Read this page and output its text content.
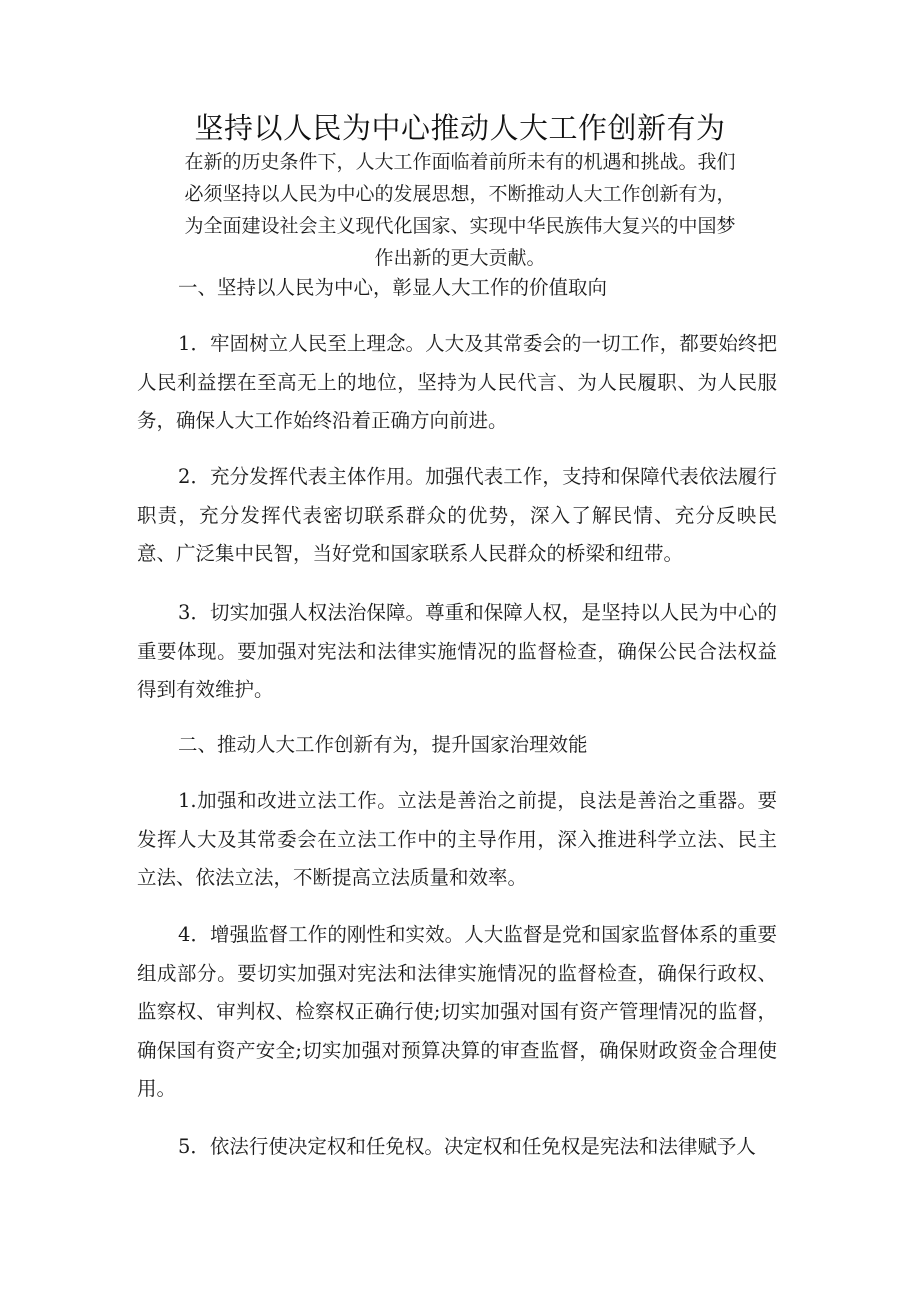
坚持以人民为中心推动人大工作创新有为
在新的历史条件下，人大工作面临着前所未有的机遇和挑战。我们
必须坚持以人民为中心的发展思想，不断推动人大工作创新有为，
为全面建设社会主义现代化国家、实现中华民族伟大复兴的中国梦
作出新的更大贡献。

一、坚持以人民为中心，彰显人大工作的价值取向

1．牢固树立人民至上理念。人大及其常委会的一切工作，都要始终把人民利益摆在至高无上的地位，坚持为人民代言、为人民履职、为人民服务，确保人大工作始终沿着正确方向前进。

2．充分发挥代表主体作用。加强代表工作，支持和保障代表依法履行职责，充分发挥代表密切联系群众的优势，深入了解民情、充分反映民意、广泛集中民智，当好党和国家联系人民群众的桥梁和纽带。

3．切实加强人权法治保障。尊重和保障人权，是坚持以人民为中心的重要体现。要加强对宪法和法律实施情况的监督检查，确保公民合法权益得到有效维护。

二、推动人大工作创新有为，提升国家治理效能

1.加强和改进立法工作。立法是善治之前提，良法是善治之重器。要发挥人大及其常委会在立法工作中的主导作用，深入推进科学立法、民主立法、依法立法，不断提高立法质量和效率。

4．增强监督工作的刚性和实效。人大监督是党和国家监督体系的重要组成部分。要切实加强对宪法和法律实施情况的监督检查，确保行政权、监察权、审判权、检察权正确行使;切实加强对国有资产管理情况的监督，确保国有资产安全;切实加强对预算决算的审查监督，确保财政资金合理使用。

5．依法行使决定权和任免权。决定权和任免权是宪法和法律赋予人
